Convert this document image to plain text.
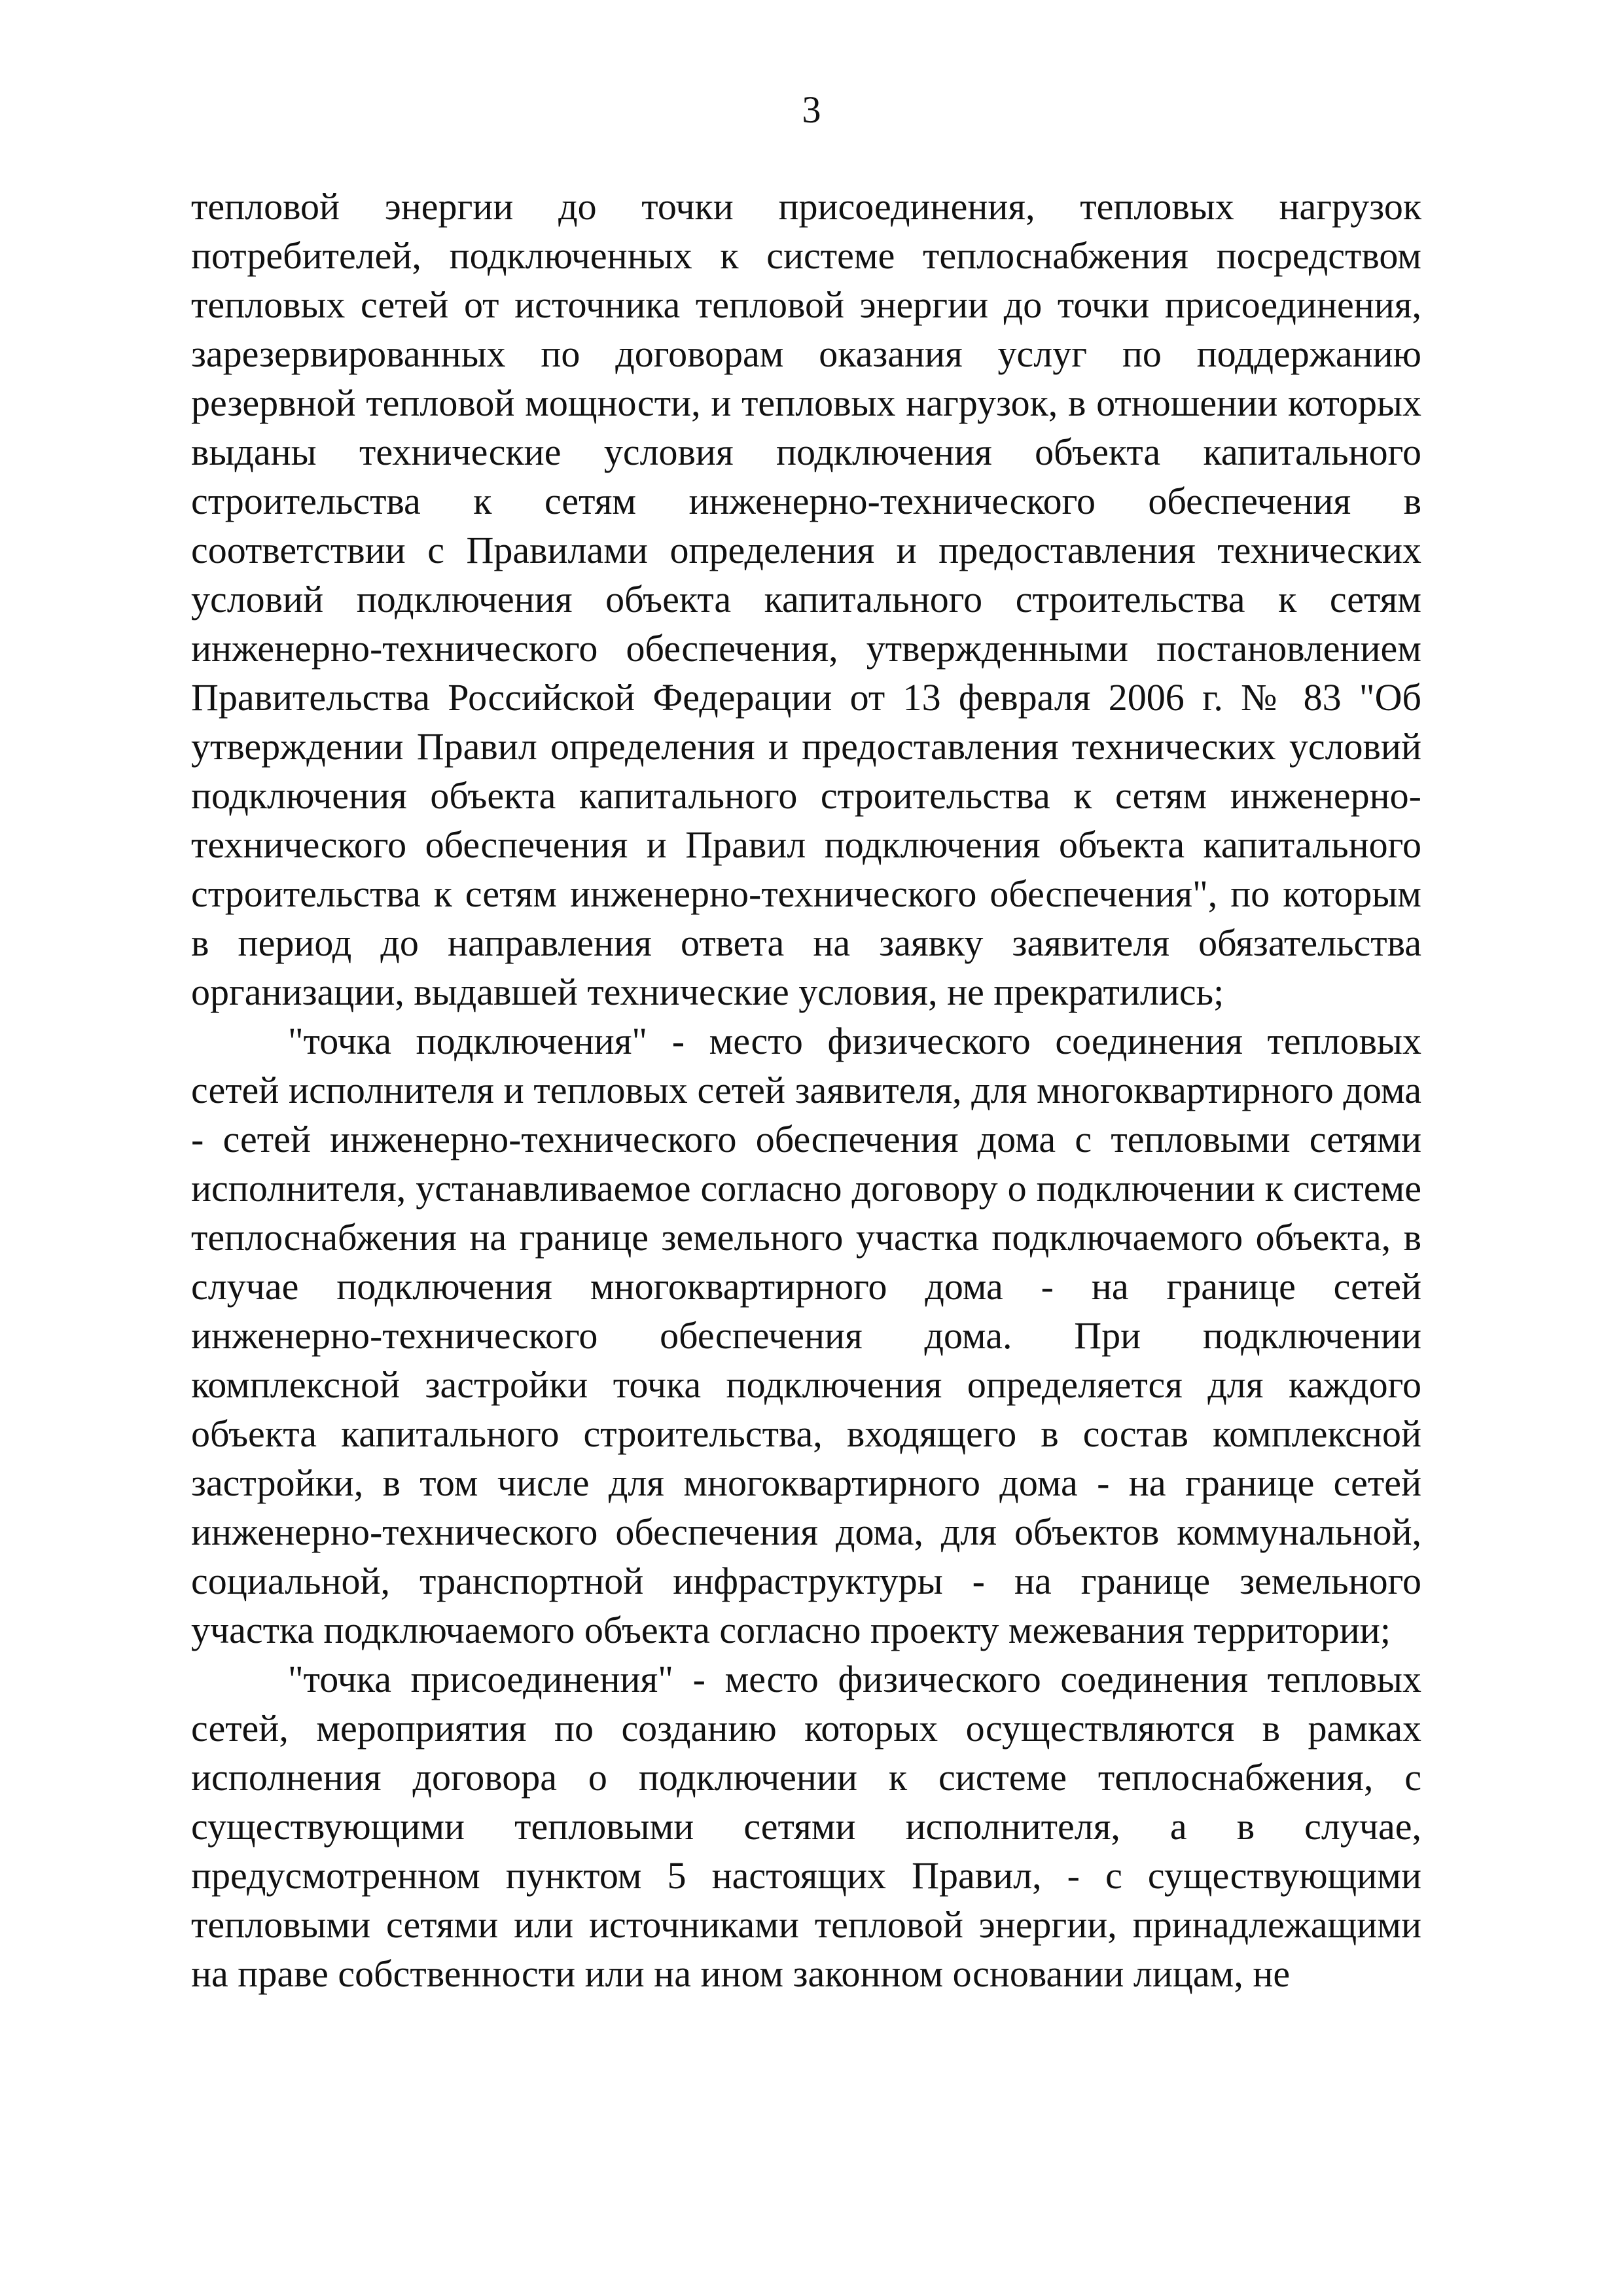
3

тепловой энергии до точки присоединения, тепловых нагрузок потребителей, подключенных к системе теплоснабжения посредством тепловых сетей от источника тепловой энергии до точки присоединения, зарезервированных по договорам оказания услуг по поддержанию резервной тепловой мощности, и тепловых нагрузок, в отношении которых выданы технические условия подключения объекта капитального строительства к сетям инженерно-технического обеспечения в соответствии с Правилами определения и предоставления технических условий подключения объекта капитального строительства к сетям инженерно-технического обеспечения, утвержденными постановлением Правительства Российской Федерации от 13 февраля 2006 г. № 83 "Об утверждении Правил определения и предоставления технических условий подключения объекта капитального строительства к сетям инженерно-технического обеспечения и Правил подключения объекта капитального строительства к сетям инженерно-технического обеспечения", по которым в период до направления ответа на заявку заявителя обязательства организации, выдавшей технические условия, не прекратились;

"точка подключения" - место физического соединения тепловых сетей исполнителя и тепловых сетей заявителя, для многоквартирного дома - сетей инженерно-технического обеспечения дома с тепловыми сетями исполнителя, устанавливаемое согласно договору о подключении к системе теплоснабжения на границе земельного участка подключаемого объекта, в случае подключения многоквартирного дома - на границе сетей инженерно-технического обеспечения дома. При подключении комплексной застройки точка подключения определяется для каждого объекта капитального строительства, входящего в состав комплексной застройки, в том числе для многоквартирного дома - на границе сетей инженерно-технического обеспечения дома, для объектов коммунальной, социальной, транспортной инфраструктуры - на границе земельного участка подключаемого объекта согласно проекту межевания территории;

"точка присоединения" - место физического соединения тепловых сетей, мероприятия по созданию которых осуществляются в рамках исполнения договора о подключении к системе теплоснабжения, с существующими тепловыми сетями исполнителя, а в случае, предусмотренном пунктом 5 настоящих Правил, - с существующими тепловыми сетями или источниками тепловой энергии, принадлежащими на праве собственности или на ином законном основании лицам, не
